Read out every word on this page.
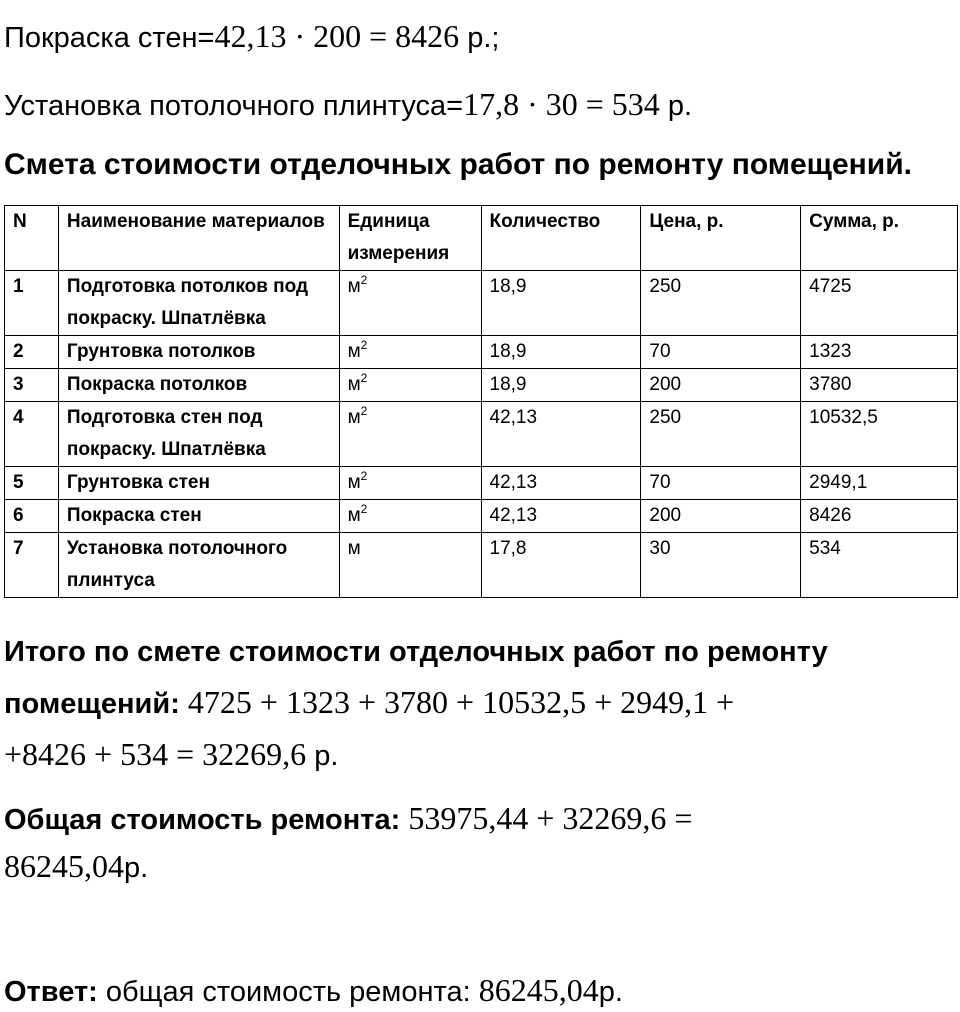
Покраска стен=42,13 · 200 = 8426 р.;
Установка потолочного плинтуса=17,8 · 30 = 534 р.
Смета стоимости отделочных работ по ремонту помещений.
N	Наименование материалов	Единица измерения	Количество	Цена, р.	Сумма, р.
1	Подготовка потолков под покраску. Шпатлёвка	$м^2$	18,9	250	4725
2	Грунтовка потолков	$м^2$	18,9	70	1323
3	Покраска потолков	$м^2$	18,9	200	3780
4	Подготовка стен под покраску. Шпатлёвка	$м^2$	42,13	250	10532,5
5	Грунтовка стен	$м^2$	42,13	70	2949,1
6	Покраска стен	$м^2$	42,13	200	8426
7	Установка потолочного плинтуса	м	17,8	30	534
Итого по смете стоимости отделочных работ по ремонту
помещений: 4725 + 1323 + 3780 + 10532,5 + 2949,1 +
+8426 + 534 = 32269,6 р.
Общая стоимость ремонта: 53975,44 + 32269,6 =
86245,04р.
Ответ: общая стоимость ремонта: 86245,04р.
